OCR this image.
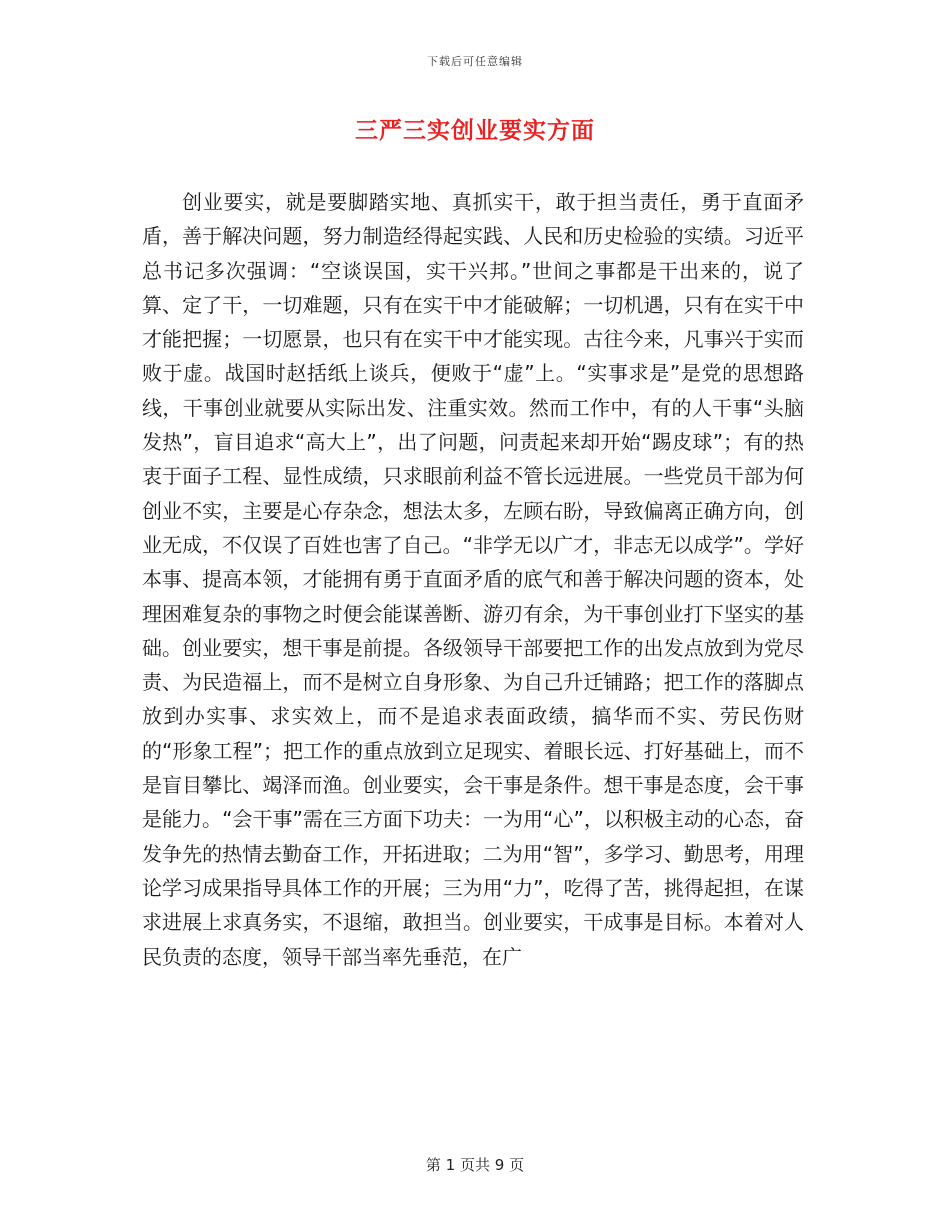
下载后可任意编辑
三严三实创业要实方面

创业要实，就是要脚踏实地、真抓实干，敢于担当责任，勇于直面矛盾，善于解决问题，努力制造经得起实践、人民和历史检验的实绩。习近平总书记多次强调：“空谈误国，实干兴邦。”世间之事都是干出来的，说了算、定了干，一切难题，只有在实干中才能破解；一切机遇，只有在实干中才能把握；一切愿景，也只有在实干中才能实现。古往今来，凡事兴于实而败于虚。战国时赵括纸上谈兵，便败于“虚”上。“实事求是”是党的思想路线，干事创业就要从实际出发、注重实效。然而工作中，有的人干事“头脑发热”，盲目追求“高大上”，出了问题，问责起来却开始“踢皮球”；有的热衷于面子工程、显性成绩，只求眼前利益不管长远进展。一些党员干部为何创业不实，主要是心存杂念，想法太多，左顾右盼，导致偏离正确方向，创业无成，不仅误了百姓也害了自己。“非学无以广才，非志无以成学”。学好本事、提高本领，才能拥有勇于直面矛盾的底气和善于解决问题的资本，处理困难复杂的事物之时便会能谋善断、游刃有余，为干事创业打下坚实的基础。创业要实，想干事是前提。各级领导干部要把工作的出发点放到为党尽责、为民造福上，而不是树立自身形象、为自己升迁铺路；把工作的落脚点放到办实事、求实效上，而不是追求表面政绩，搞华而不实、劳民伤财的“形象工程”；把工作的重点放到立足现实、着眼长远、打好基础上，而不是盲目攀比、竭泽而渔。创业要实，会干事是条件。想干事是态度，会干事是能力。“会干事”需在三方面下功夫：一为用“心”，以积极主动的心态，奋发争先的热情去勤奋工作，开拓进取；二为用“智”，多学习、勤思考，用理论学习成果指导具体工作的开展；三为用“力”，吃得了苦，挑得起担，在谋求进展上求真务实，不退缩，敢担当。创业要实，干成事是目标。本着对人民负责的态度，领导干部当率先垂范，在广

第 1 页共 9 页
